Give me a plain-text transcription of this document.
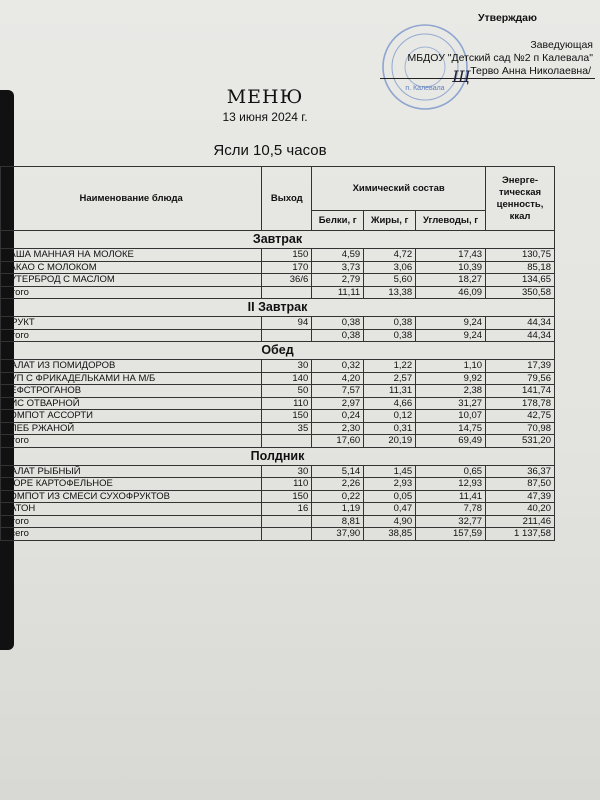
п. Калевала
Утверждаю
Заведующая
МБДОУ "Детский сад №2 п Калевала"
Терво Анна Николаевна/
Щ
МЕНЮ
13 июня 2024 г.
Ясли 10,5 часов
Наименование блюда	Выход	Химический состав			Энерге-тическая ценность, ккал
		Белки, г	Жиры, г	Углеводы, г	
Завтрак					
КАША МАННАЯ НА МОЛОКЕ	150	4,59	4,72	17,43	130,75
КАКАО С МОЛОКОМ	170	3,73	3,06	10,39	85,18
БУТЕРБРОД С МАСЛОМ	36/6	2,79	5,60	18,27	134,65
Итого		11,11	13,38	46,09	350,58
II Завтрак					
ФРУКТ	94	0,38	0,38	9,24	44,34
Итого		0,38	0,38	9,24	44,34
Обед					
САЛАТ ИЗ ПОМИДОРОВ	30	0,32	1,22	1,10	17,39
СУП С ФРИКАДЕЛЬКАМИ НА М/Б	140	4,20	2,57	9,92	79,56
БЕФСТРОГАНОВ	50	7,57	11,31	2,38	141,74
РИС ОТВАРНОЙ	110	2,97	4,66	31,27	178,78
КОМПОТ АССОРТИ	150	0,24	0,12	10,07	42,75
ХЛЕБ РЖАНОЙ	35	2,30	0,31	14,75	70,98
Итого		17,60	20,19	69,49	531,20
Полдник					
САЛАТ РЫБНЫЙ	30	5,14	1,45	0,65	36,37
ПЮРЕ КАРТОФЕЛЬНОЕ	110	2,26	2,93	12,93	87,50
КОМПОТ ИЗ СМЕСИ СУХОФРУКТОВ	150	0,22	0,05	11,41	47,39
БАТОН	16	1,19	0,47	7,78	40,20
Итого		8,81	4,90	32,77	211,46
Всего		37,90	38,85	157,59	1 137,58
